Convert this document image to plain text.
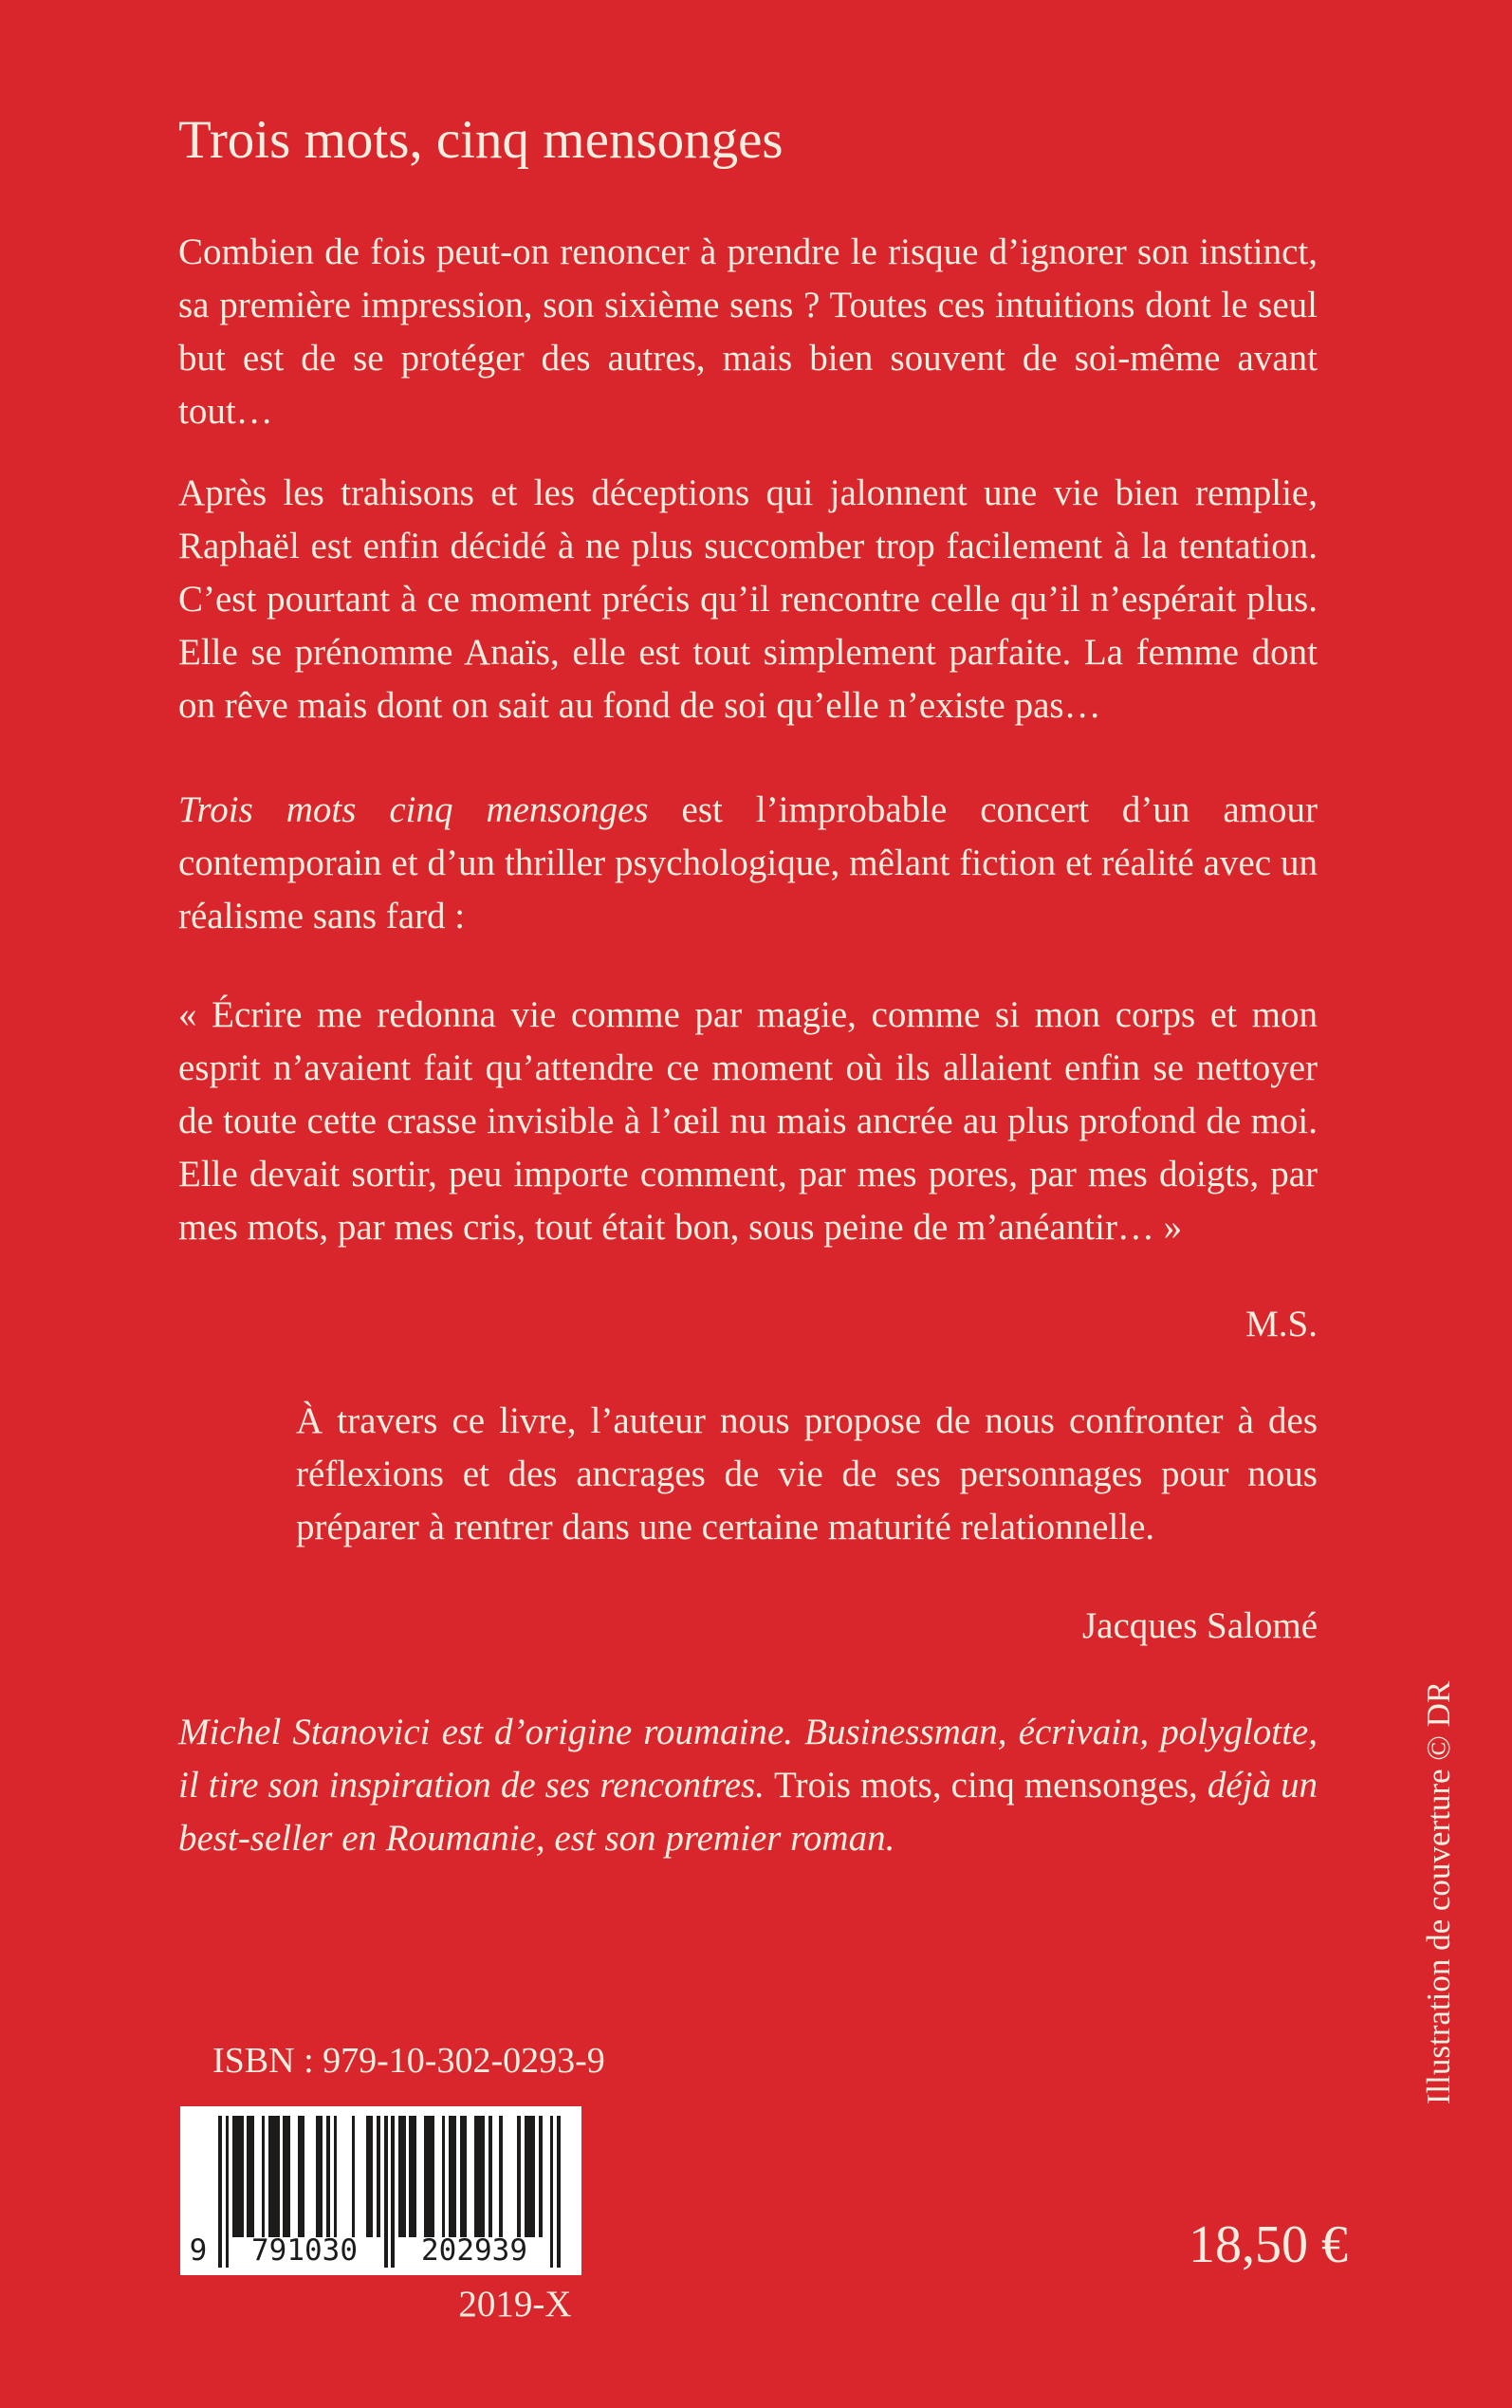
Trois mots, cinq mensonges

Combien de fois peut-on renoncer à prendre le risque d’ignorer son instinct, sa première impression, son sixième sens ? Toutes ces intuitions dont le seul but est de se protéger des autres, mais bien souvent de soi-même avant tout…

Après les trahisons et les déceptions qui jalonnent une vie bien remplie, Raphaël est enfin décidé à ne plus succomber trop facilement à la tentation. C’est pourtant à ce moment précis qu’il rencontre celle qu’il n’espérait plus. Elle se prénomme Anaïs, elle est tout simplement parfaite. La femme dont on rêve mais dont on sait au fond de soi qu’elle n’existe pas…

Trois mots cinq mensonges est l’improbable concert d’un amour contemporain et d’un thriller psychologique, mêlant fiction et réalité avec un réalisme sans fard :

« Écrire me redonna vie comme par magie, comme si mon corps et mon esprit n’avaient fait qu’attendre ce moment où ils allaient enfin se nettoyer de toute cette crasse invisible à l’œil nu mais ancrée au plus profond de moi. Elle devait sortir, peu importe comment, par mes pores, par mes doigts, par mes mots, par mes cris, tout était bon, sous peine de m’anéantir… »

M.S.

À travers ce livre, l’auteur nous propose de nous confronter à des réflexions et des ancrages de vie de ses personnages pour nous préparer à rentrer dans une certaine maturité relationnelle.

Jacques Salomé

Michel Stanovici est d’origine roumaine. Businessman, écrivain, polyglotte, il tire son inspiration de ses rencontres. Trois mots, cinq mensonges, déjà un best-seller en Roumanie, est son premier roman.

ISBN : 979-10-302-0293-9
9	791030	202939
2019-X
18,50 €
Illustration de couverture © DR
